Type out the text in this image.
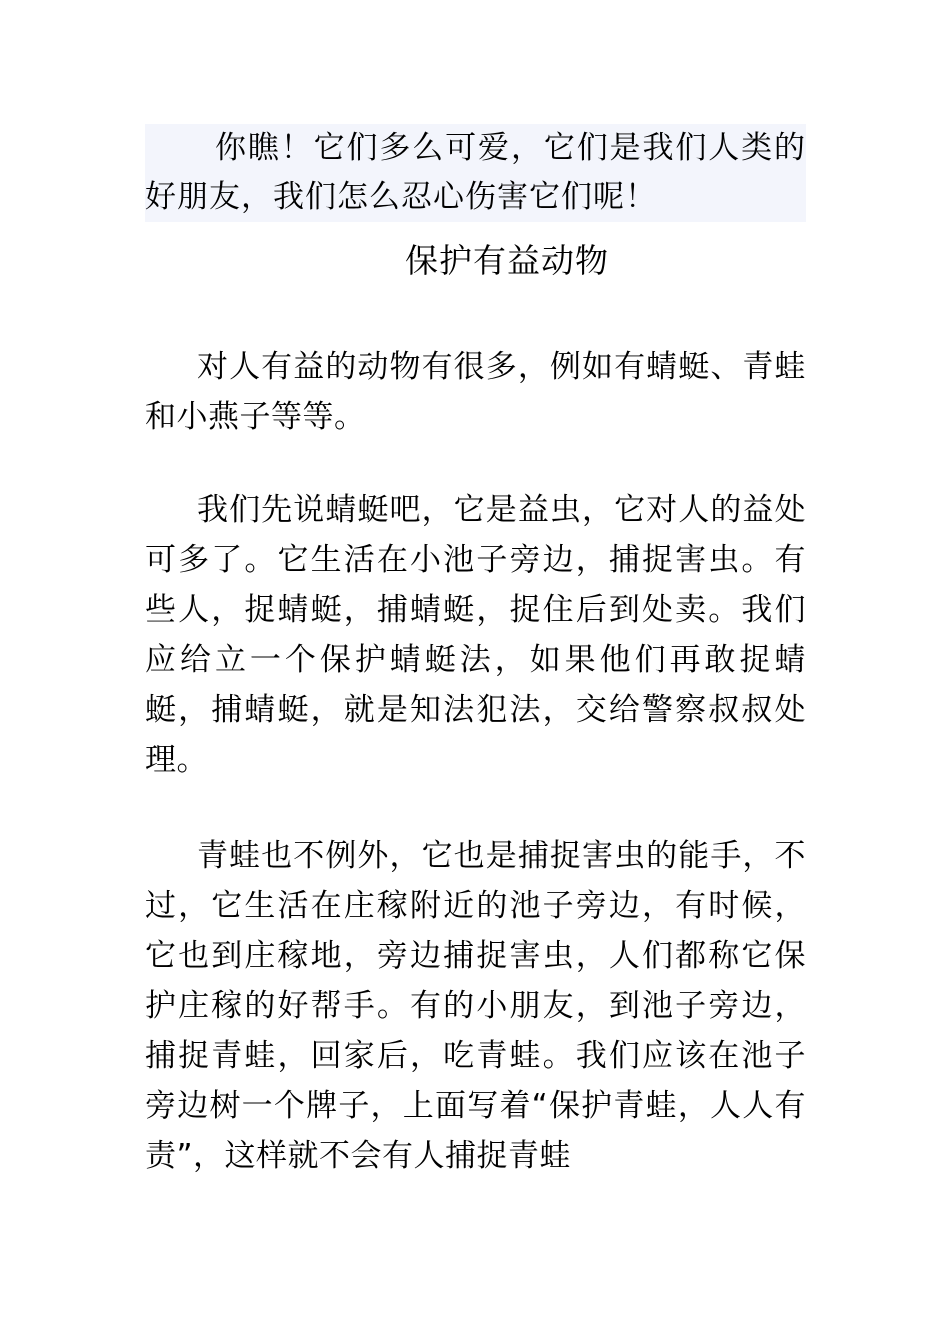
你瞧！它们多么可爱，它们是我们人类的好朋友，我们怎么忍心伤害它们呢！

保护有益动物

对人有益的动物有很多，例如有蜻蜓、青蛙和小燕子等等。

我们先说蜻蜓吧，它是益虫，它对人的益处可多了。它生活在小池子旁边，捕捉害虫。有些人，捉蜻蜓，捕蜻蜓，捉住后到处卖。我们应给立一个保护蜻蜓法，如果他们再敢捉蜻蜓，捕蜻蜓，就是知法犯法，交给警察叔叔处理。

青蛙也不例外，它也是捕捉害虫的能手，不过，它生活在庄稼附近的池子旁边，有时候，它也到庄稼地，旁边捕捉害虫，人们都称它保护庄稼的好帮手。有的小朋友，到池子旁边，捕捉青蛙，回家后，吃青蛙。我们应该在池子旁边树一个牌子，上面写着“保护青蛙，人人有责”，这样就不会有人捕捉青蛙
